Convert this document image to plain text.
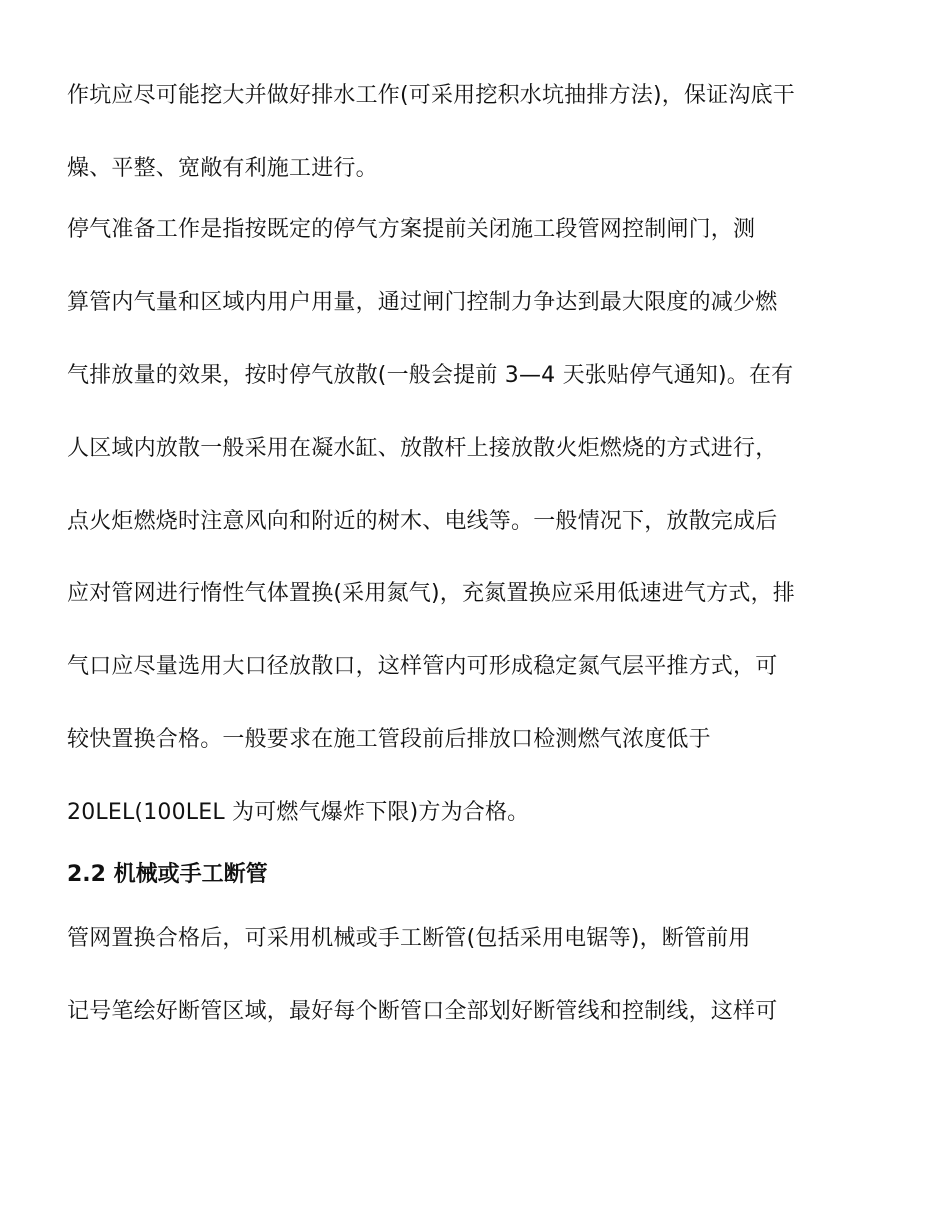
作坑应尽可能挖大并做好排水工作(可采用挖积水坑抽排方法)，保证沟底干
燥、平整、宽敞有利施工进行。
停气准备工作是指按既定的停气方案提前关闭施工段管网控制闸门，测
算管内气量和区域内用户用量，通过闸门控制力争达到最大限度的减少燃
气排放量的效果，按时停气放散(一般会提前 3—4 天张贴停气通知)。在有
人区域内放散一般采用在凝水缸、放散杆上接放散火炬燃烧的方式进行，
点火炬燃烧时注意风向和附近的树木、电线等。一般情况下，放散完成后
应对管网进行惰性气体置换(采用氮气)，充氮置换应采用低速进气方式，排
气口应尽量选用大口径放散口，这样管内可形成稳定氮气层平推方式，可
较快置换合格。一般要求在施工管段前后排放口检测燃气浓度低于
20LEL(100LEL 为可燃气爆炸下限)方为合格。
2.2 机械或手工断管
管网置换合格后，可采用机械或手工断管(包括采用电锯等)，断管前用
记号笔绘好断管区域，最好每个断管口全部划好断管线和控制线，这样可
